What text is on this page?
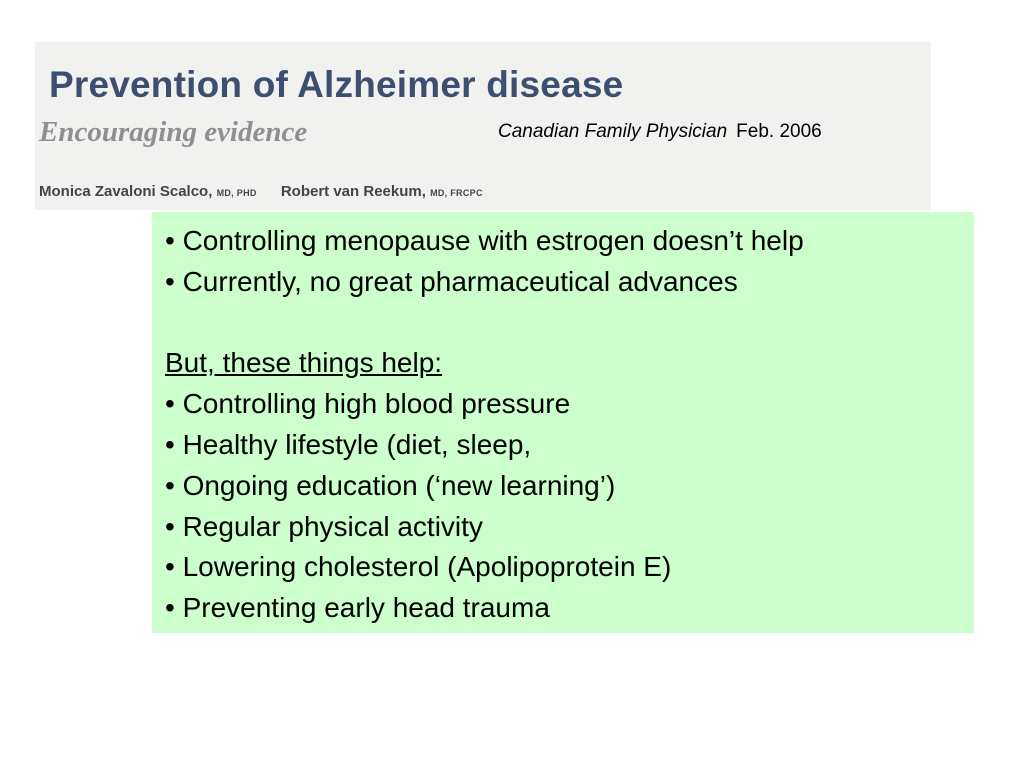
Prevention of Alzheimer disease
Encouraging evidence
Monica Zavaloni Scalco, MD, PHD Robert van Reekum, MD, FRCPC
Canadian Family Physician Feb. 2006
• Controlling menopause with estrogen doesn’t help
• Currently, no great pharmaceutical advances
But, these things help:
• Controlling high blood pressure
• Healthy lifestyle (diet, sleep,
• Ongoing education (‘new learning’)
• Regular physical activity
• Lowering cholesterol (Apolipoprotein E)
• Preventing early head trauma
